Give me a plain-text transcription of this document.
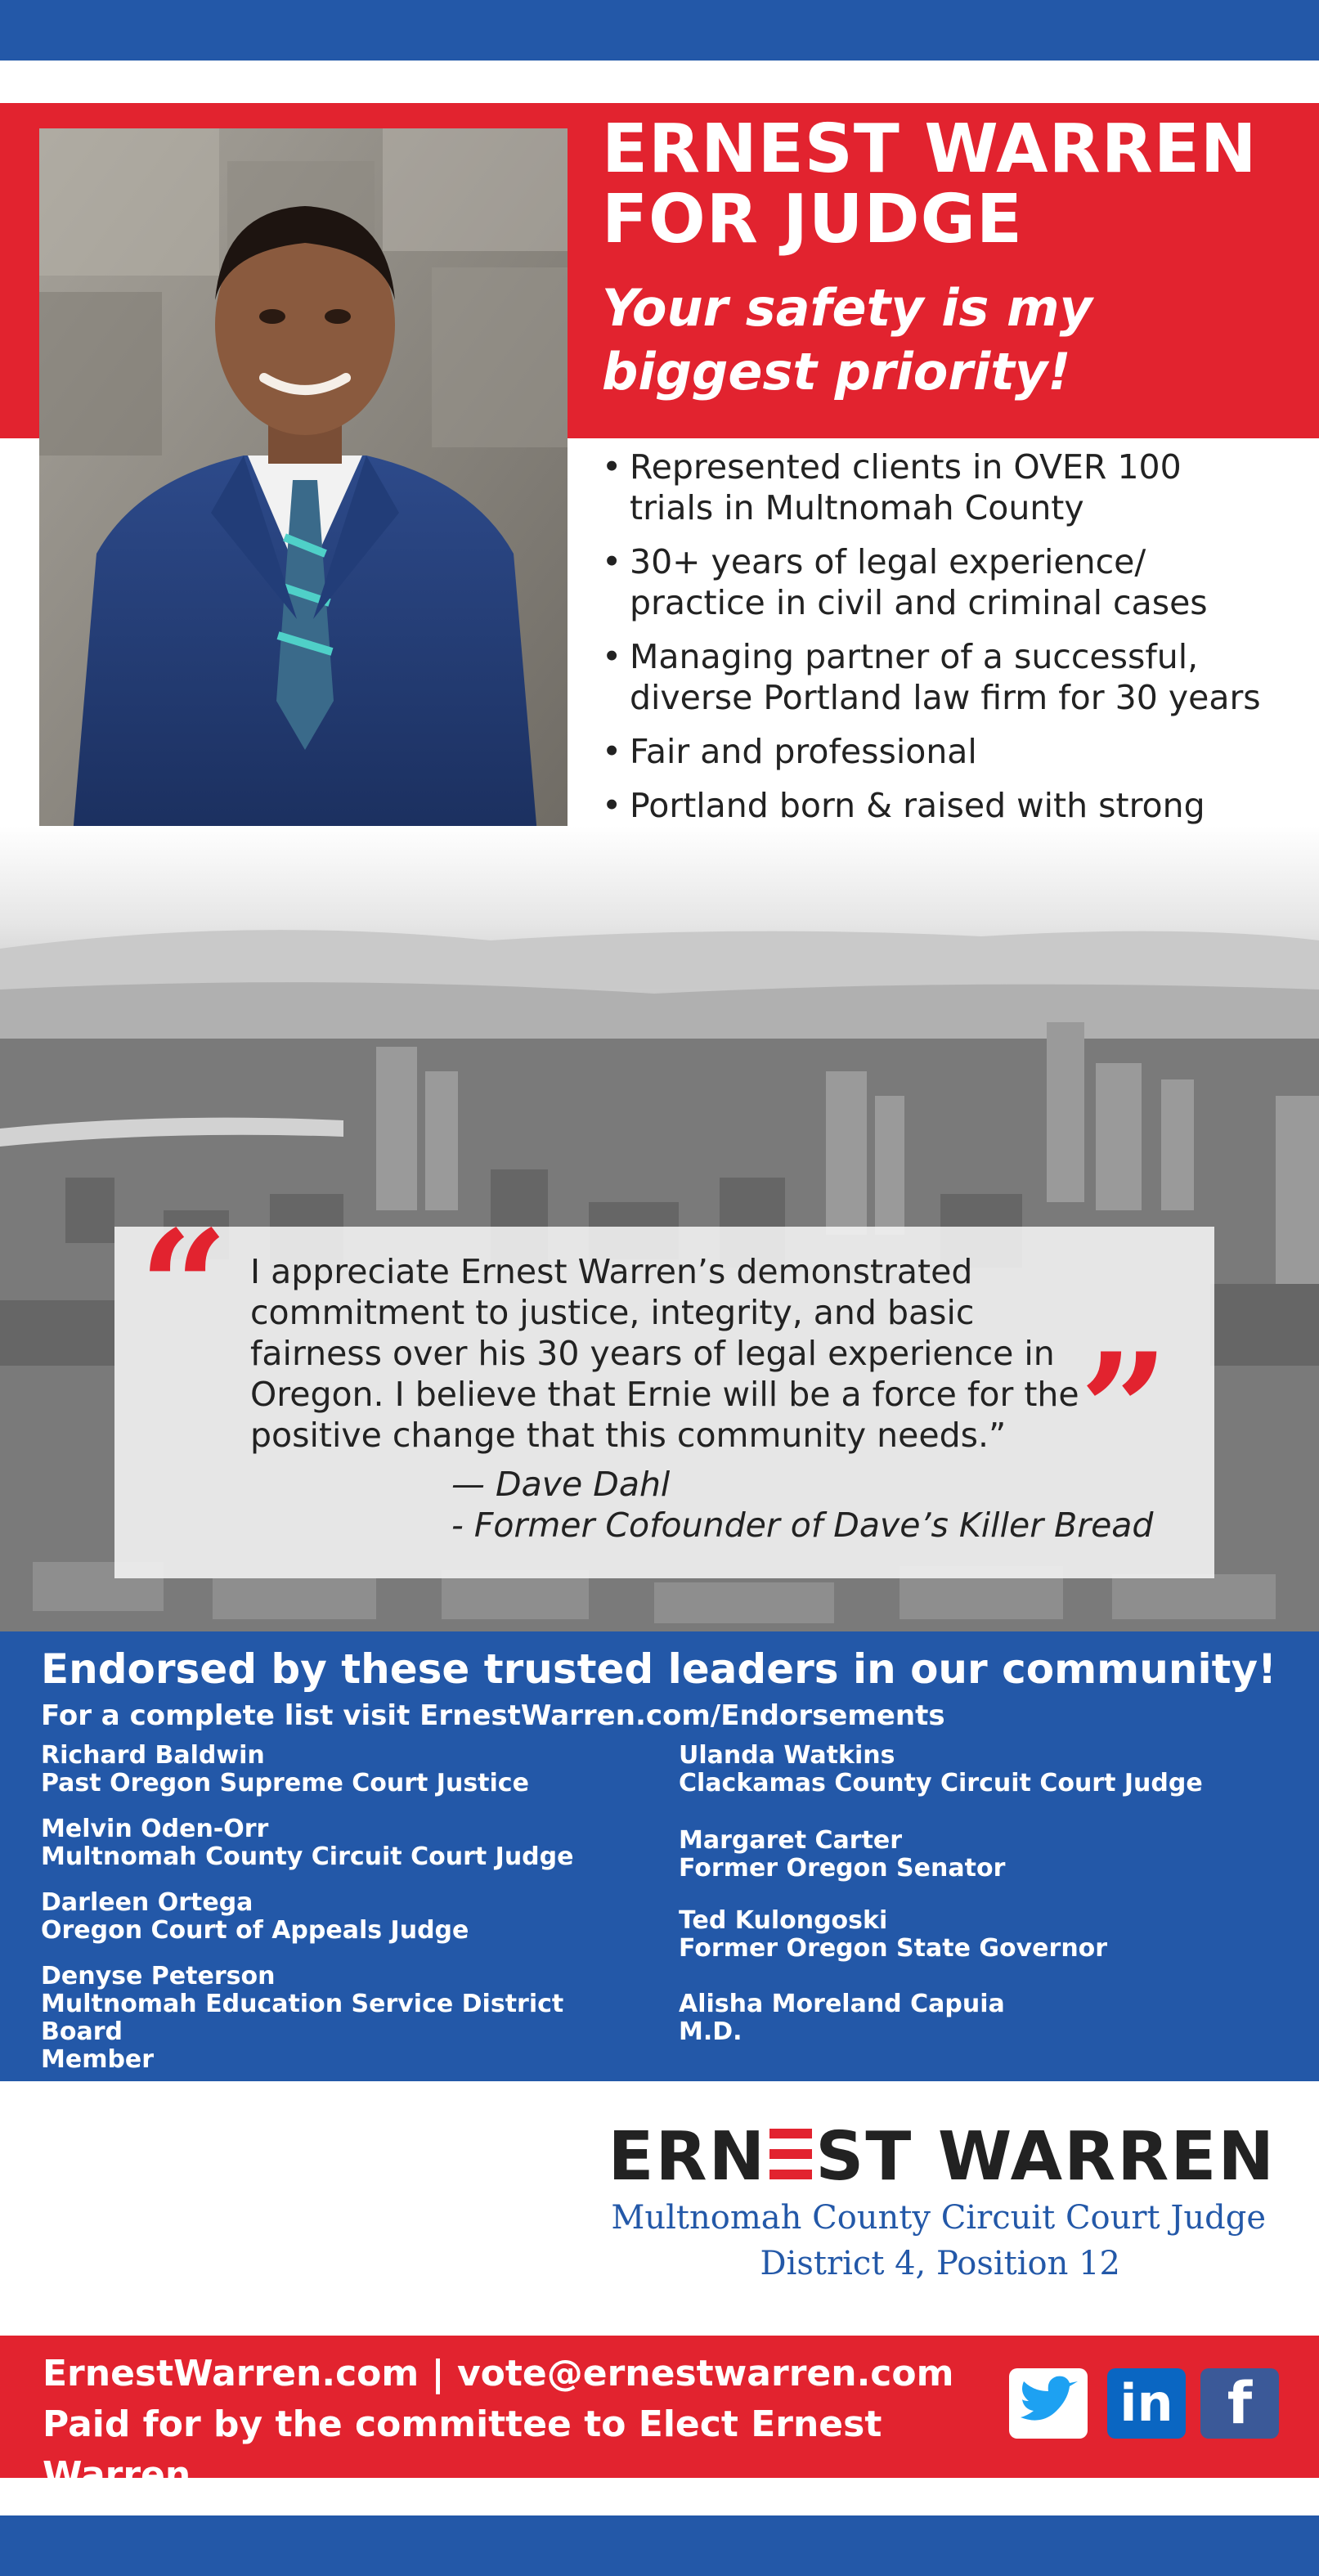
ERNEST WARREN
FOR JUDGE
Your safety is my
biggest priority!
• Represented clients in OVER 100
trials in Multnomah County
• 30+ years of legal experience/
practice in civil and criminal cases
• Managing partner of a successful,
diverse Portland law firm for 30 years
• Fair and professional
• Portland born & raised with strong
“
”
I appreciate Ernest Warren’s demonstrated
commitment to justice, integrity, and basic
fairness over his 30 years of legal experience in
Oregon. I believe that Ernie will be a force for the
positive change that this community needs.”
— Dave Dahl
- Former Cofounder of Dave’s Killer Bread
Endorsed by these trusted leaders in our community!
For a complete list visit ErnestWarren.com/Endorsements
Richard Baldwin
Past Oregon Supreme Court Justice
Melvin Oden-Orr
Multnomah County Circuit Court Judge
Darleen Ortega
Oregon Court of Appeals Judge
Denyse Peterson
Multnomah Education Service District Board
Member
Ulanda Watkins
Clackamas County Circuit Court Judge
Margaret Carter
Former Oregon Senator
Ted Kulongoski
Former Oregon State Governor
Alisha Moreland Capuia
M.D.
ERN ST WARREN
Multnomah County Circuit Court Judge
District 4, Position 12
ErnestWarren.com | vote@ernestwarren.com
Paid for by the committee to Elect Ernest Warren
in f
